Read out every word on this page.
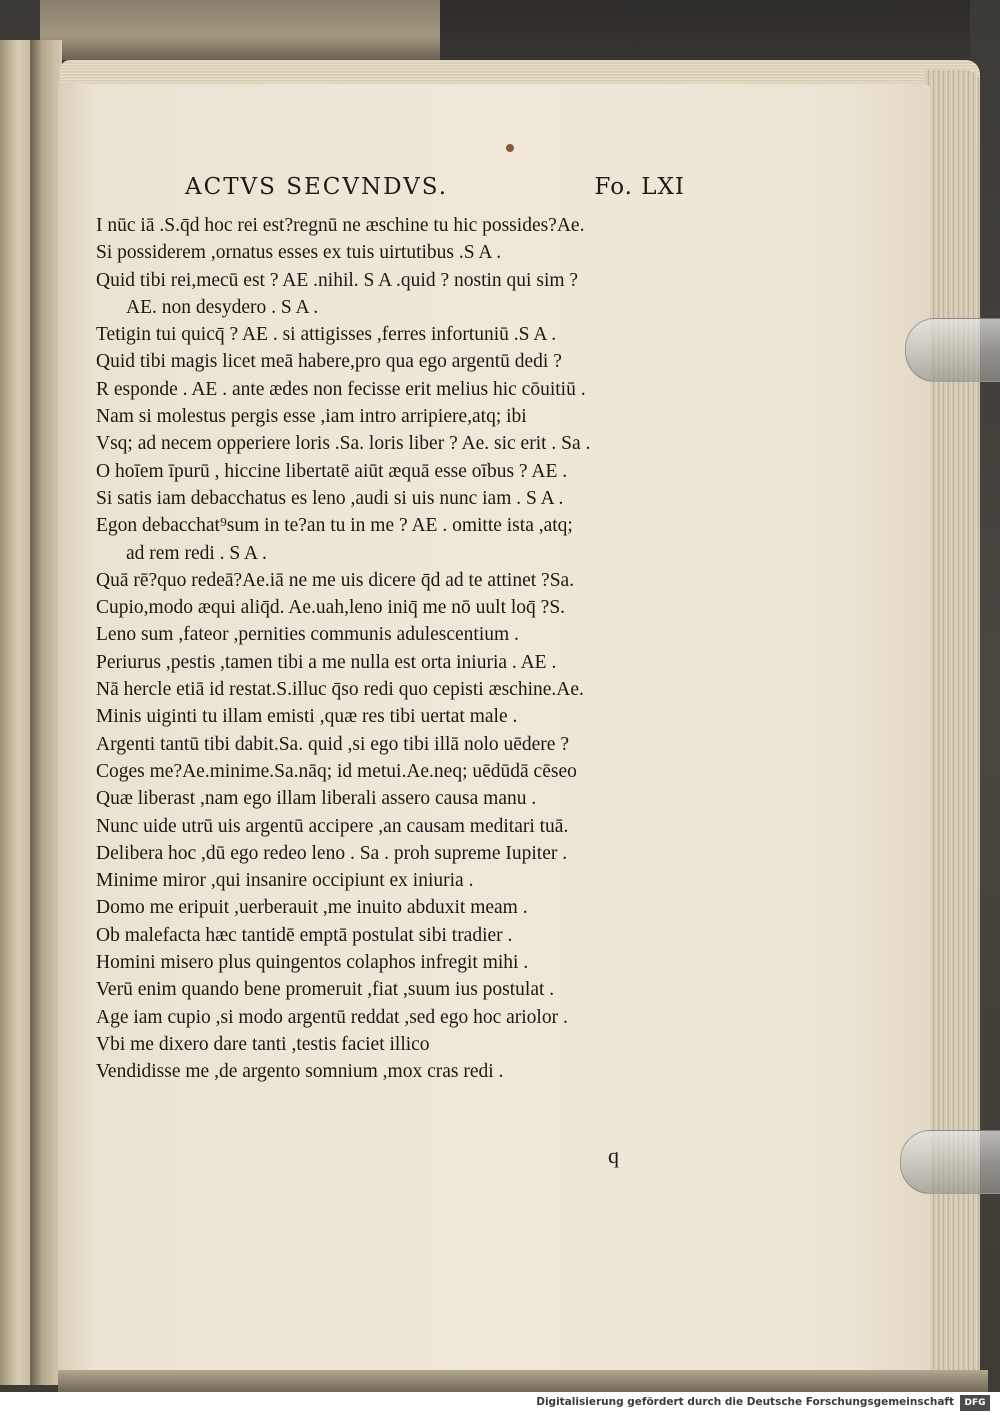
ACTVS SECVNDVS.	Fo. LXI
I nūc iā .S.q̄d hoc rei est?regnū ne æschine tu hic possides?Ae.
Si possiderem ,ornatus esses ex tuis uirtutibus .S A .
Quid tibi rei,mecū est ? AE .nihil. S A .quid ? nostin qui sim ?
AE. non desydero . S A .
Tetigin tui quicq̄ ? AE . si attigisses ,ferres infortuniū .S A .
Quid tibi magis licet meā habere,pro qua ego argentū dedi ?
R esponde . AE . ante ædes non fecisse erit melius hic cōuitiū .
Nam si molestus pergis esse ,iam intro arripiere,atq; ibi
Vsq; ad necem opperiere loris .Sa. loris liber ? Ae. sic erit . Sa .
O hoīem īpurū , hiccine libertatē aiūt æquā esse oībus ? AE .
Si satis iam debacchatus es leno ,audi si uis nunc iam . S A .
Egon debacchat⁹sum in te?an tu in me ? AE . omitte ista ,atq;
ad rem redi . S A .
Quā rē?quo redeā?Ae.iā ne me uis dicere q̄d ad te attinet ?Sa.
Cupio,modo æqui aliq̄d. Ae.uah,leno iniq̄ me nō uult loq̄ ?S.
Leno sum ,fateor ,pernities communis adulescentium .
Periurus ,pestis ,tamen tibi a me nulla est orta iniuria . AE .
Nā hercle etiā id restat.S.illuc q̄so redi quo cepisti æschine.Ae.
Minis uiginti tu illam emisti ,quæ res tibi uertat male .
Argenti tantū tibi dabit.Sa. quid ,si ego tibi illā nolo uēdere ?
Coges me?Ae.minime.Sa.nāq; id metui.Ae.neq; uēdūdā cēseo
Quæ liberast ,nam ego illam liberali assero causa manu .
Nunc uide utrū uis argentū accipere ,an causam meditari tuā.
Delibera hoc ,dū ego redeo leno . Sa . proh supreme Iupiter .
Minime miror ,qui insanire occipiunt ex iniuria .
Domo me eripuit ,uerberauit ,me inuito abduxit meam .
Ob malefacta hæc tantidē emptā postulat sibi tradier .
Homini misero plus quingentos colaphos infregit mihi .
Verū enim quando bene promeruit ,fiat ,suum ius postulat .
Age iam cupio ,si modo argentū reddat ,sed ego hoc ariolor .
Vbi me dixero dare tanti ,testis faciet illico
Vendidisse me ,de argento somnium ,mox cras redi .
q
Digitalisierung gefördert durch die Deutsche Forschungsgemeinschaft	DFG
